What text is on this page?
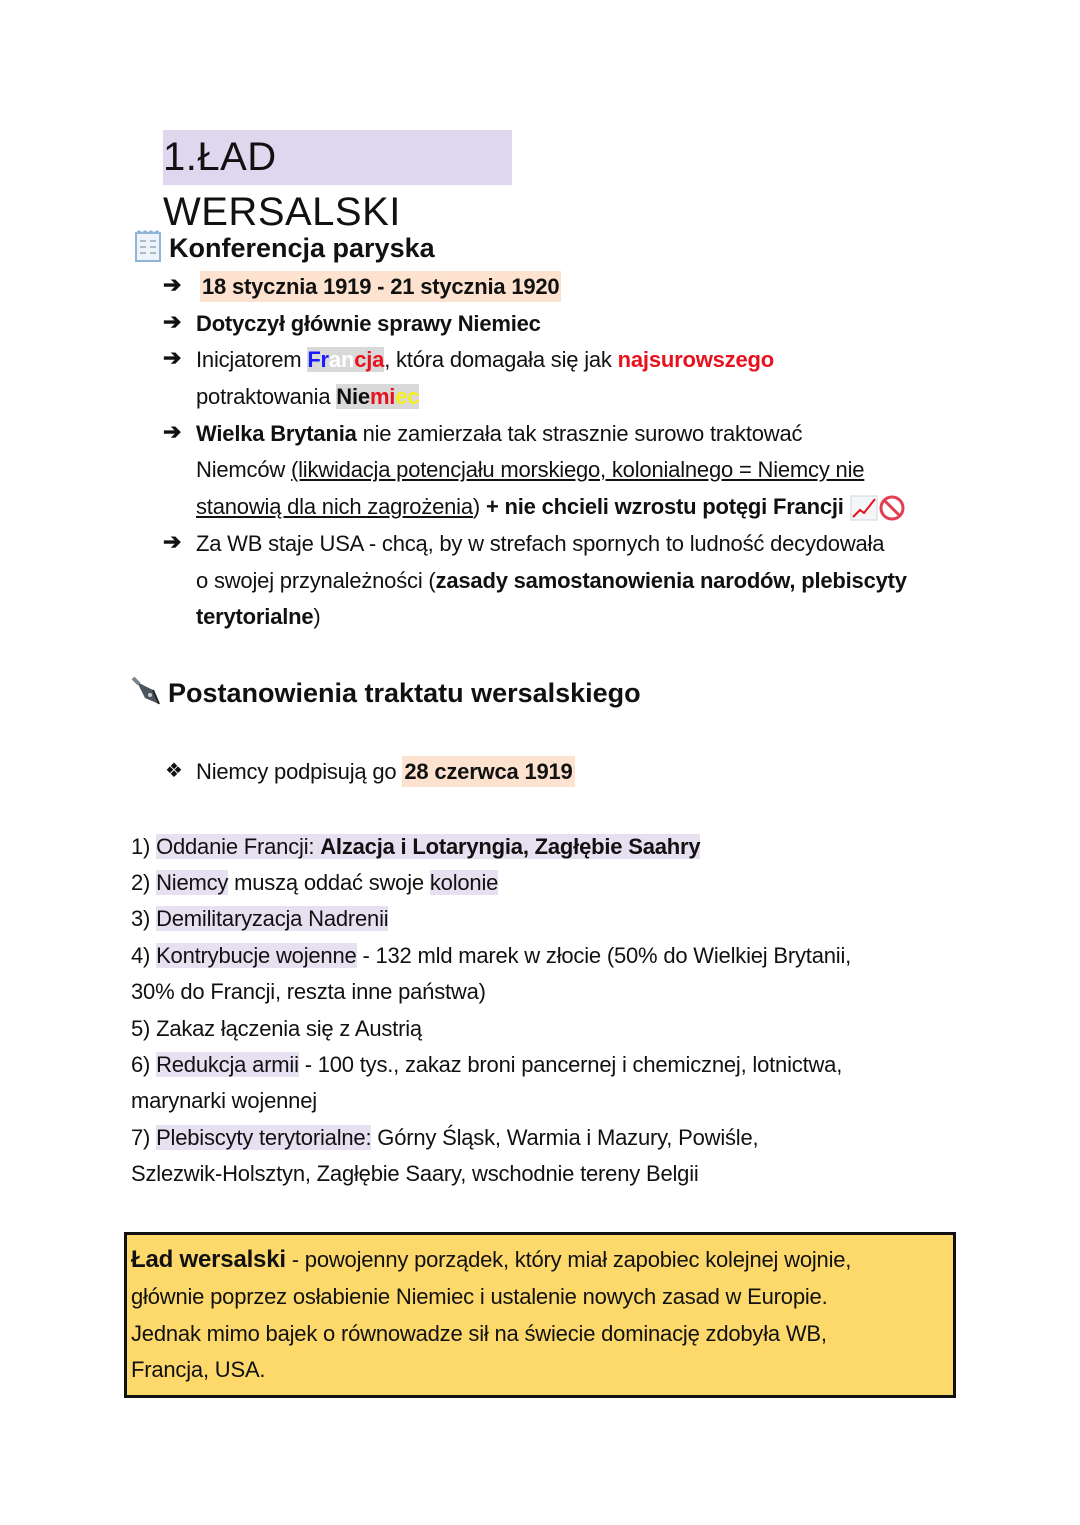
1.ŁAD WERSALSKI
Konferencja paryska
➔ 18 stycznia 1919 - 21 stycznia 1920
➔ Dotyczył głównie sprawy Niemiec
➔ Inicjatorem Francja, która domagała się jak najsurowszego
potraktowania Niemiec
➔ Wielka Brytania nie zamierzała tak strasznie surowo traktować
Niemców (likwidacja potencjału morskiego, kolonialnego = Niemcy nie
stanowią dla nich zagrożenia) + nie chcieli wzrostu potęgi Francji
➔ Za WB staje USA - chcą, by w strefach spornych to ludność decydowała
o swojej przynależności (zasady samostanowienia narodów, plebiscyty
terytorialne)
Postanowienia traktatu wersalskiego
❖ Niemcy podpisują go 28 czerwca 1919
1) Oddanie Francji: Alzacja i Lotaryngia, Zagłębie Saahry
2) Niemcy muszą oddać swoje kolonie
3) Demilitaryzacja Nadrenii
4) Kontrybucje wojenne - 132 mld marek w złocie (50% do Wielkiej Brytanii,
30% do Francji, reszta inne państwa)
5) Zakaz łączenia się z Austrią
6) Redukcja armii - 100 tys., zakaz broni pancernej i chemicznej, lotnictwa,
marynarki wojennej
7) Plebiscyty terytorialne: Górny Śląsk, Warmia i Mazury, Powiśle,
Szlezwik-Holsztyn, Zagłębie Saary, wschodnie tereny Belgii
Ład wersalski - powojenny porządek, który miał zapobiec kolejnej wojnie,
głównie poprzez osłabienie Niemiec i ustalenie nowych zasad w Europie.
Jednak mimo bajek o równowadze sił na świecie dominację zdobyła WB,
Francja, USA.
